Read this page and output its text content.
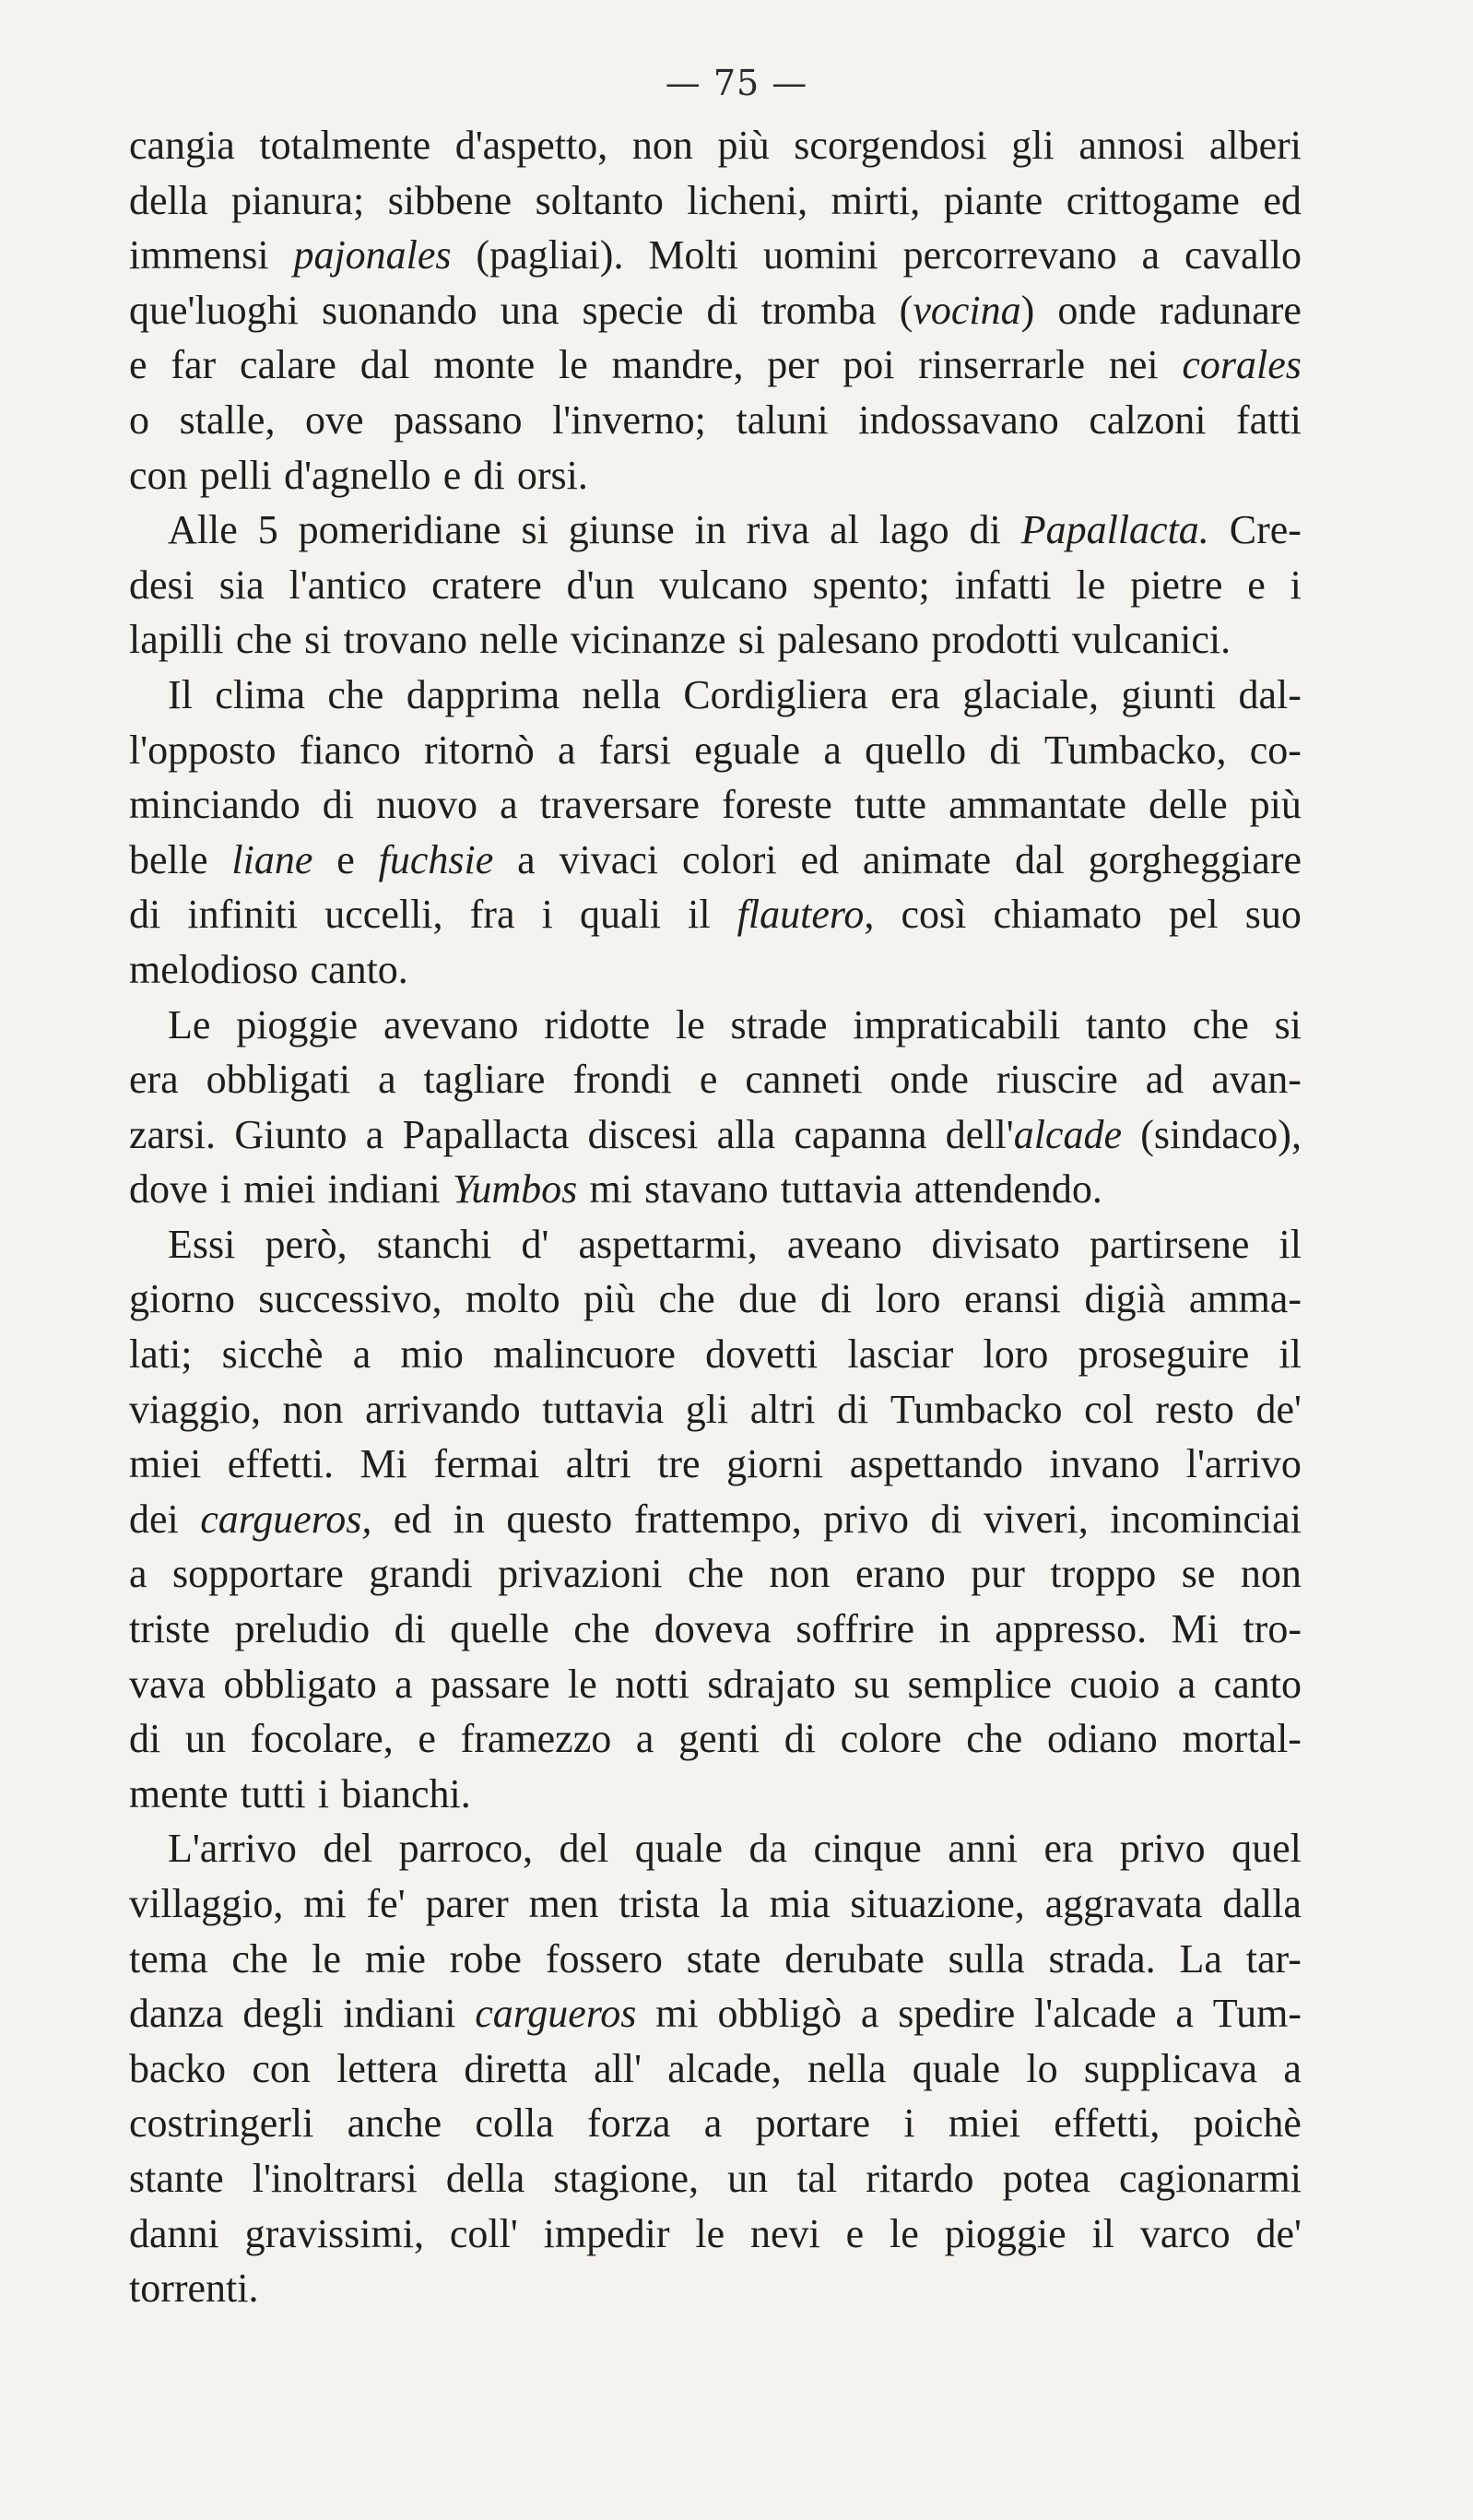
— 75 —
cangia totalmente d'aspetto, non più scorgendosi gli annosi alberi
della pianura; sibbene soltanto licheni, mirti, piante crittogame ed
immensi pajonales (pagliai). Molti uomini percorrevano a cavallo
que'luoghi suonando una specie di tromba (vocina) onde radunare
e far calare dal monte le mandre, per poi rinserrarle nei corales
o stalle, ove passano l'inverno; taluni indossavano calzoni fatti
con pelli d'agnello e di orsi.
Alle 5 pomeridiane si giunse in riva al lago di Papallacta. Cre-
desi sia l'antico cratere d'un vulcano spento; infatti le pietre e i
lapilli che si trovano nelle vicinanze si palesano prodotti vulcanici.
Il clima che dapprima nella Cordigliera era glaciale, giunti dal-
l'opposto fianco ritornò a farsi eguale a quello di Tumbacko, co-
minciando di nuovo a traversare foreste tutte ammantate delle più
belle liane e fuchsie a vivaci colori ed animate dal gorgheggiare
di infiniti uccelli, fra i quali il flautero, così chiamato pel suo
melodioso canto.
Le pioggie avevano ridotte le strade impraticabili tanto che si
era obbligati a tagliare frondi e canneti onde riuscire ad avan-
zarsi. Giunto a Papallacta discesi alla capanna dell'alcade (sindaco),
dove i miei indiani Yumbos mi stavano tuttavia attendendo.
Essi però, stanchi d' aspettarmi, aveano divisato partirsene il
giorno successivo, molto più che due di loro eransi digià amma-
lati; sicchè a mio malincuore dovetti lasciar loro proseguire il
viaggio, non arrivando tuttavia gli altri di Tumbacko col resto de'
miei effetti. Mi fermai altri tre giorni aspettando invano l'arrivo
dei cargueros, ed in questo frattempo, privo di viveri, incominciai
a sopportare grandi privazioni che non erano pur troppo se non
triste preludio di quelle che doveva soffrire in appresso. Mi tro-
vava obbligato a passare le notti sdrajato su semplice cuoio a canto
di un focolare, e framezzo a genti di colore che odiano mortal-
mente tutti i bianchi.
L'arrivo del parroco, del quale da cinque anni era privo quel
villaggio, mi fe' parer men trista la mia situazione, aggravata dalla
tema che le mie robe fossero state derubate sulla strada. La tar-
danza degli indiani cargueros mi obbligò a spedire l'alcade a Tum-
backo con lettera diretta all' alcade, nella quale lo supplicava a
costringerli anche colla forza a portare i miei effetti, poichè
stante l'inoltrarsi della stagione, un tal ritardo potea cagionarmi
danni gravissimi, coll' impedir le nevi e le pioggie il varco de'
torrenti.
